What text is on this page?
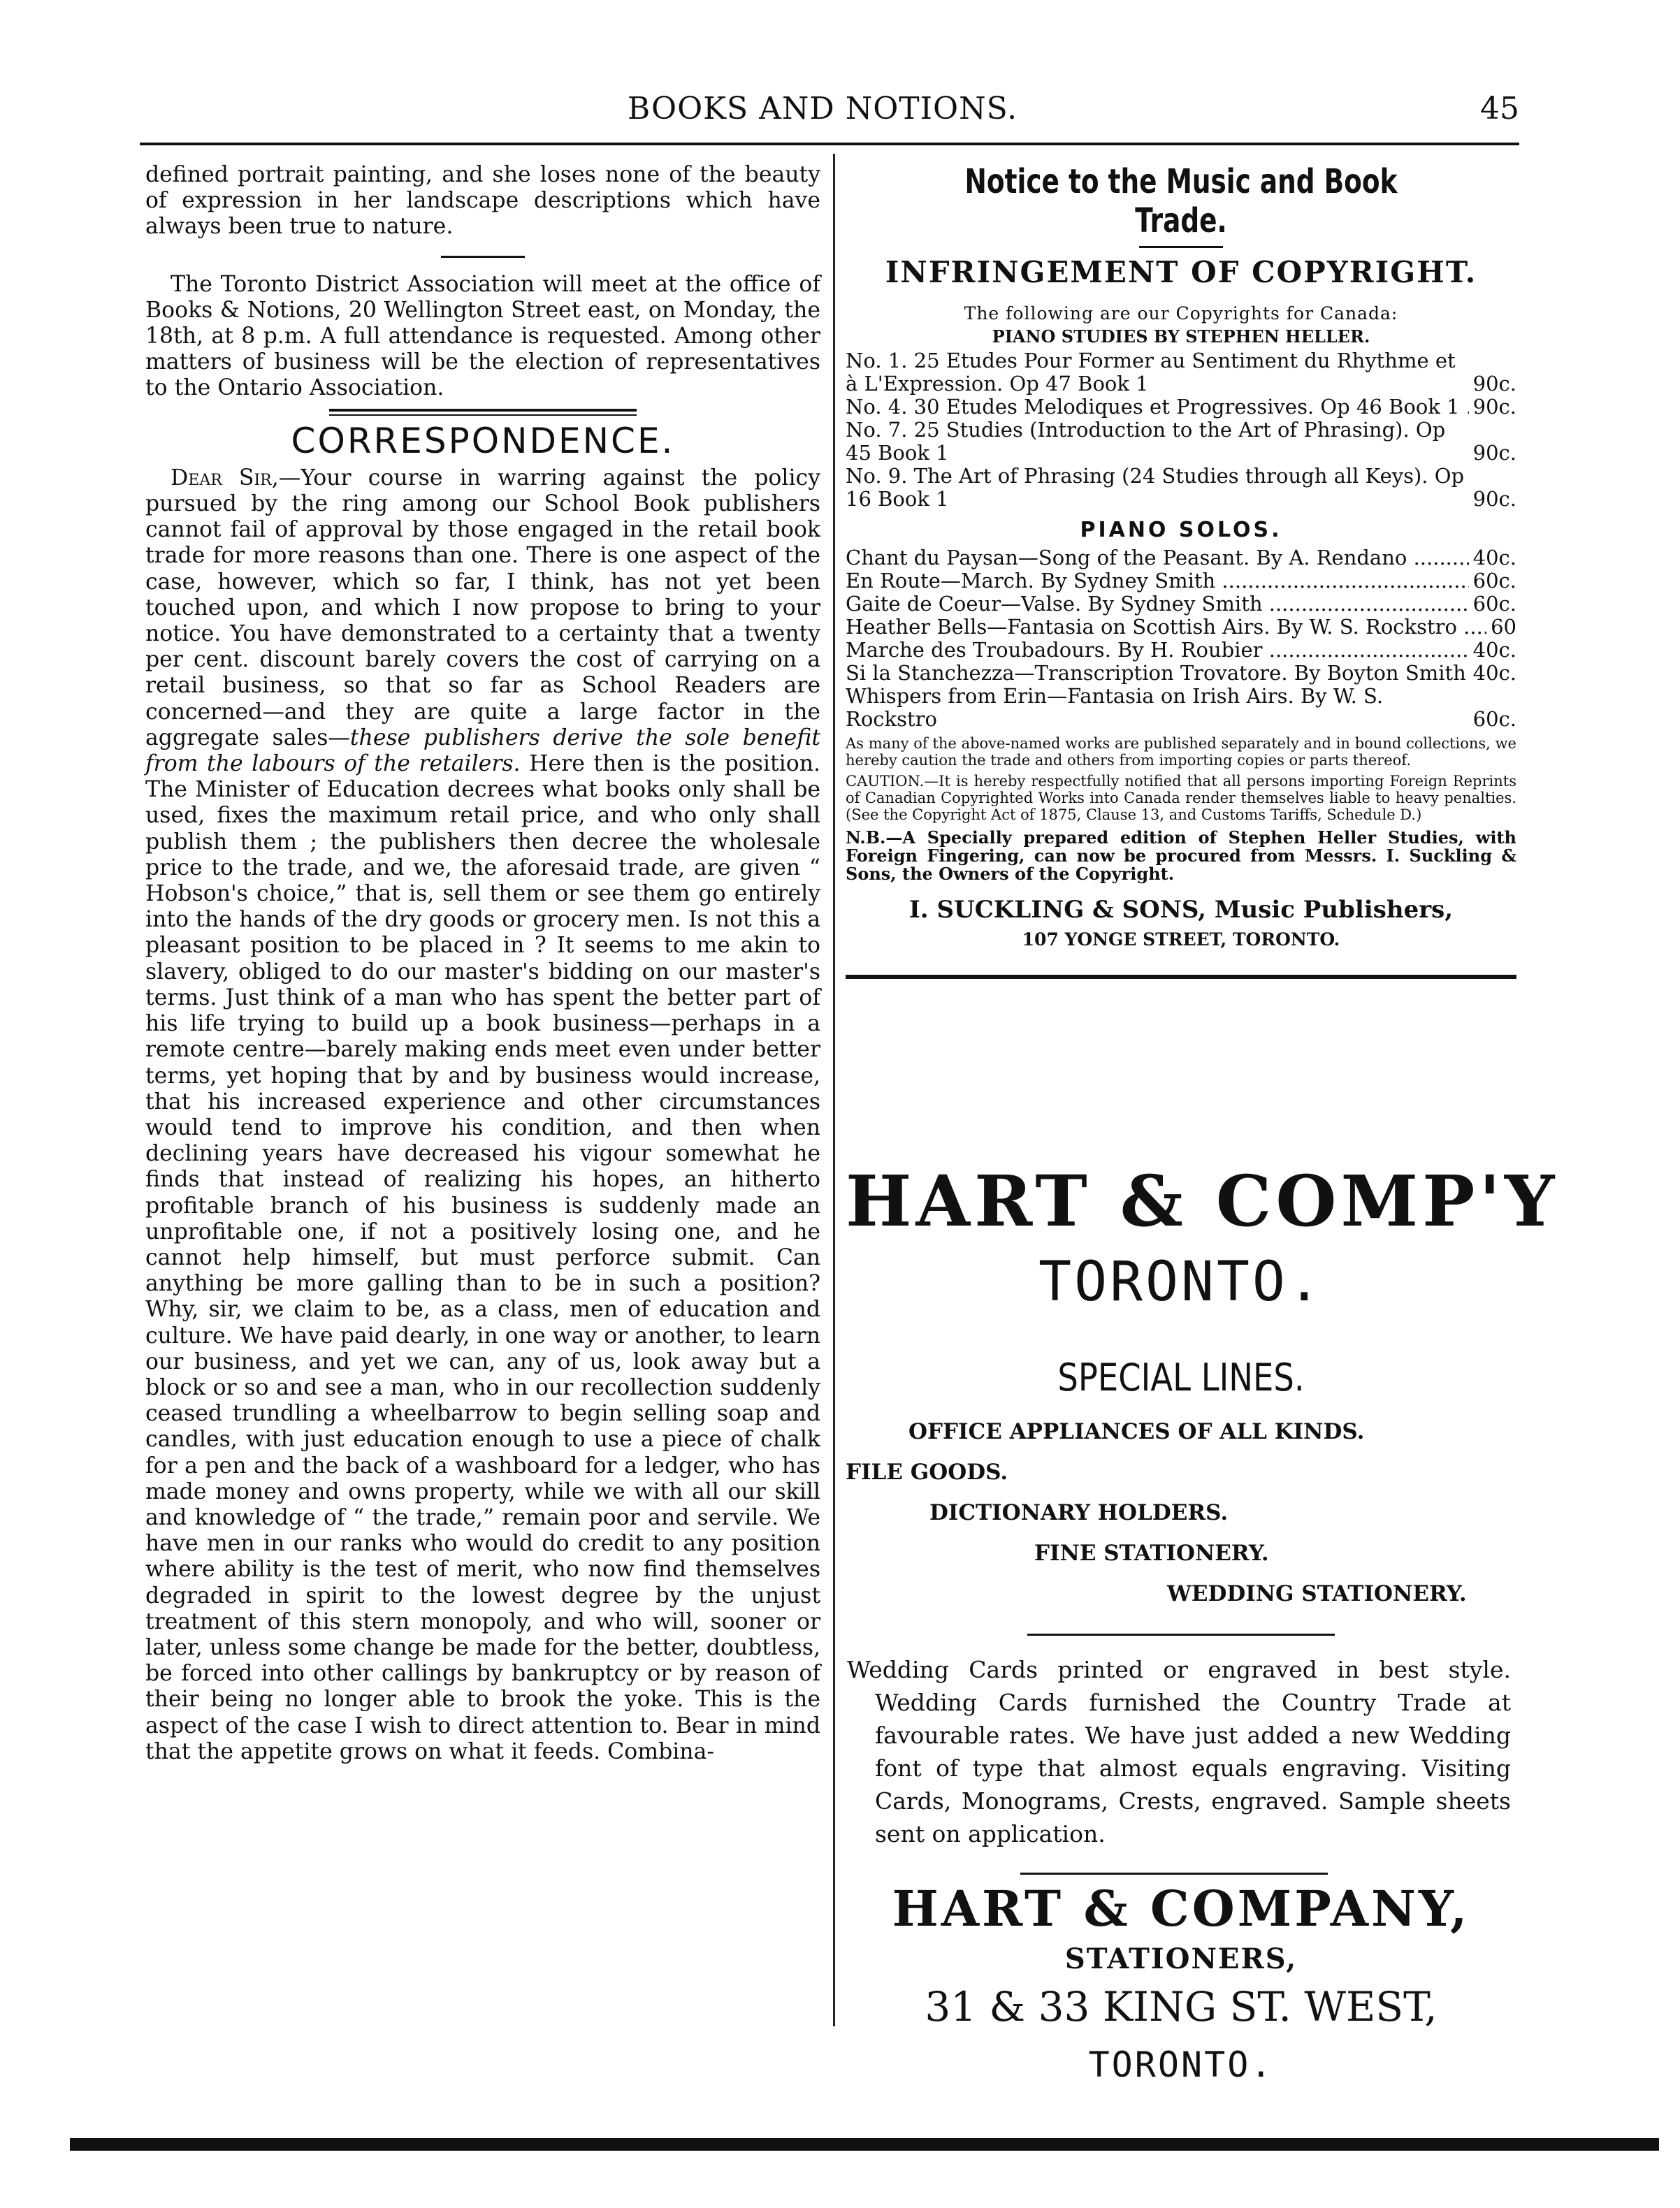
BOOKS AND NOTIONS.	45

defined portrait painting, and she loses none of the beauty of expression in her landscape descriptions which have always been true to nature.

The Toronto District Association will meet at the office of Books & Notions, 20 Wellington Street east, on Monday, the 18th, at 8 p.m. A full attendance is requested. Among other matters of business will be the election of representatives to the Ontario Association.

CORRESPONDENCE.

Dear Sir,—Your course in warring against the policy pursued by the ring among our School Book publishers cannot fail of approval by those engaged in the retail book trade for more reasons than one. There is one aspect of the case, however, which so far, I think, has not yet been touched upon, and which I now propose to bring to your notice. You have demonstrated to a certainty that a twenty per cent. discount barely covers the cost of carrying on a retail business, so that so far as School Readers are concerned—and they are quite a large factor in the aggregate sales—these publishers derive the sole benefit from the labours of the retailers. Here then is the position. The Minister of Education decrees what books only shall be used, fixes the maximum retail price, and who only shall publish them ; the publishers then decree the wholesale price to the trade, and we, the aforesaid trade, are given “ Hobson's choice,” that is, sell them or see them go entirely into the hands of the dry goods or grocery men. Is not this a pleasant position to be placed in ? It seems to me akin to slavery, obliged to do our master's bidding on our master's terms. Just think of a man who has spent the better part of his life trying to build up a book business—perhaps in a remote centre—barely making ends meet even under better terms, yet hoping that by and by business would increase, that his increased experience and other circumstances would tend to improve his condition, and then when declining years have decreased his vigour somewhat he finds that instead of realizing his hopes, an hitherto profitable branch of his business is suddenly made an unprofitable one, if not a positively losing one, and he cannot help himself, but must perforce submit. Can anything be more galling than to be in such a position? Why, sir, we claim to be, as a class, men of education and culture. We have paid dearly, in one way or another, to learn our business, and yet we can, any of us, look away but a block or so and see a man, who in our recollection suddenly ceased trundling a wheelbarrow to begin selling soap and candles, with just education enough to use a piece of chalk for a pen and the back of a washboard for a ledger, who has made money and owns property, while we with all our skill and knowledge of “ the trade,” remain poor and servile. We have men in our ranks who would do credit to any position where ability is the test of merit, who now find themselves degraded in spirit to the lowest degree by the unjust treatment of this stern monopoly, and who will, sooner or later, unless some change be made for the better, doubtless, be forced into other callings by bankruptcy or by reason of their being no longer able to brook the yoke. This is the aspect of the case I wish to direct attention to. Bear in mind that the appetite grows on what it feeds. Combina-

Notice to the Music and Book Trade.
INFRINGEMENT OF COPYRIGHT.
The following are our Copyrights for Canada:
PIANO STUDIES BY STEPHEN HELLER.
No. 1. 25 Etudes Pour Former au Sentiment du Rhythme et à L'Expression. Op 47 Book 1	90c.
No. 4. 30 Etudes Melodiques et Progressives. Op 46 Book 1 ..... 90c.
No. 7. 25 Studies (Introduction to the Art of Phrasing). Op 45 Book 1	90c.
No. 9. The Art of Phrasing (24 Studies through all Keys). Op 16 Book 1	90c.
PIANO SOLOS.
Chant du Paysan—Song of the Peasant. By A. Rendano .....	40c.
En Route—March. By Sydney Smith .....	60c.
Gaite de Coeur—Valse. By Sydney Smith .....	60c.
Heather Bells—Fantasia on Scottish Airs. By W. S. Rockstro .....	60
Marche des Troubadours. By H. Roubier .....	40c.
Si la Stanchezza—Transcription Trovatore. By Boyton Smith ..... 40c.
Whispers from Erin—Fantasia on Irish Airs. By W. S. Rockstro	60c.

As many of the above-named works are published separately and in bound collections, we hereby caution the trade and others from importing copies or parts thereof.

CAUTION.—It is hereby respectfully notified that all persons importing Foreign Reprints of Canadian Copyrighted Works into Canada render themselves liable to heavy penalties. (See the Copyright Act of 1875, Clause 13, and Customs Tariffs, Schedule D.)

N.B.—A Specially prepared edition of Stephen Heller Studies, with Foreign Fingering, can now be procured from Messrs. I. Suckling & Sons, the Owners of the Copyright.

I. SUCKLING & SONS, Music Publishers,
107 YONGE STREET, TORONTO.
HART & COMP'Y
TORONTO.
SPECIAL LINES.
OFFICE APPLIANCES OF ALL KINDS.
FILE GOODS.
DICTIONARY HOLDERS.
FINE STATIONERY.
WEDDING STATIONERY.

Wedding Cards printed or engraved in best style. Wedding Cards furnished the Country Trade at favourable rates. We have just added a new Wedding font of type that almost equals engraving. Visiting Cards, Monograms, Crests, engraved. Sample sheets sent on application.

HART & COMPANY,
STATIONERS,
31 & 33 KING ST. WEST,
TORONTO.
